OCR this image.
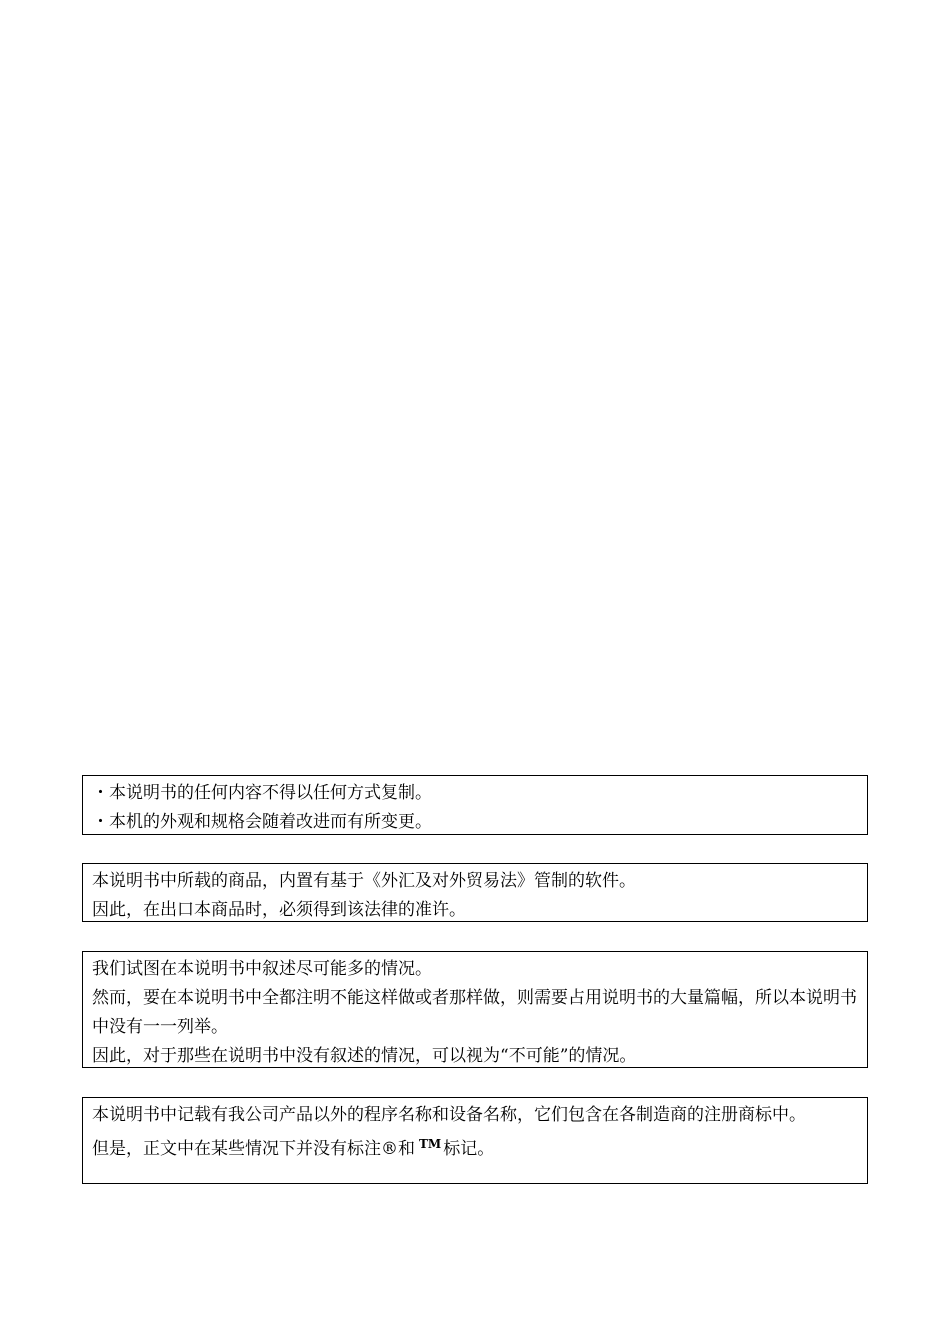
・本说明书的任何内容不得以任何方式复制。
・本机的外观和规格会随着改进而有所变更。
本说明书中所载的商品，内置有基于《外汇及对外贸易法》管制的软件。
因此，在出口本商品时，必须得到该法律的准许。
我们试图在本说明书中叙述尽可能多的情况。
然而，要在本说明书中全都注明不能这样做或者那样做，则需要占用说明书的大量篇幅，所以本说明书中没有一一列举。
因此，对于那些在说明书中没有叙述的情况，可以视为“不可能”的情况。
本说明书中记载有我公司产品以外的程序名称和设备名称，它们包含在各制造商的注册商标中。
但是，正文中在某些情况下并没有标注®和 ™ 标记。
